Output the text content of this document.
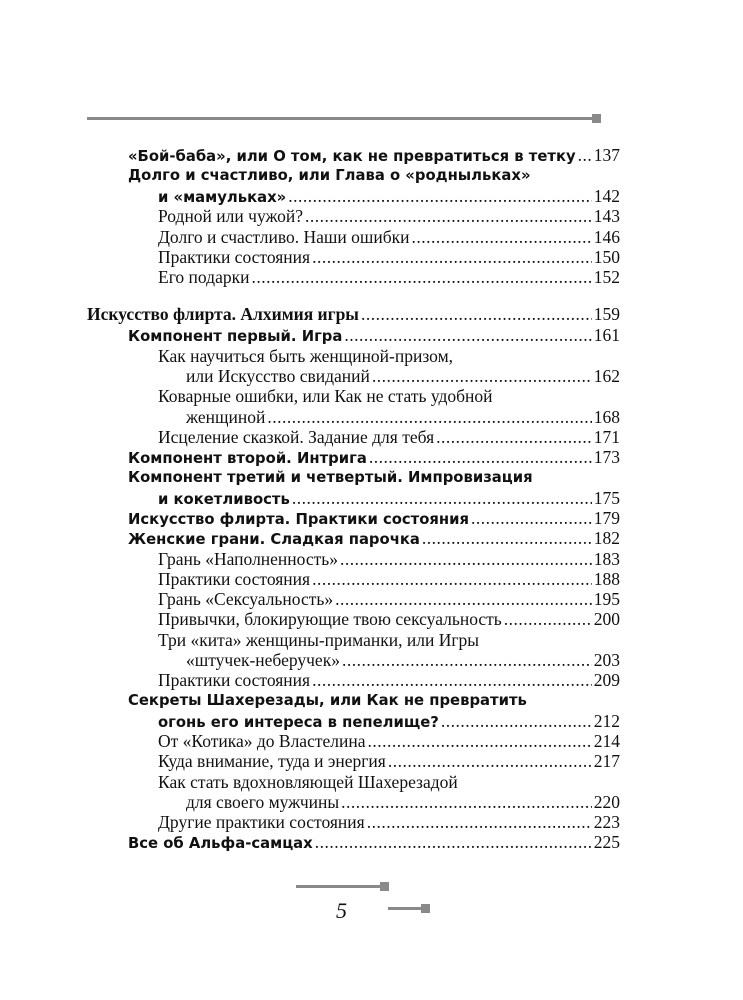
«Бой-баба», или О том, как не превратиться в тетку ..... 137
Долго и счастливо, или Глава о «родныльках»
и «мамульках» .....	142
Родной или чужой? .....	143
Долго и счастливо. Наши ошибки .....	146
Практики состояния .....	150
Его подарки .....	152
Искусство флирта. Алхимия игры .....	159
Компонент первый. Игра .....	161
Как научиться быть женщиной-призом,
или Искусство свиданий .....	162
Коварные ошибки, или Как не стать удобной
женщиной .....	168
Исцеление сказкой. Задание для тебя .....	171
Компонент второй. Интрига .....	173
Компонент третий и четвертый. Импровизация
и кокетливость .....	175
Искусство флирта. Практики состояния .....	179
Женские грани. Сладкая парочка .....	182
Грань «Наполненность» .....	183
Практики состояния .....	188
Грань «Сексуальность» .....	195
Привычки, блокирующие твою сексуальность .....	200
Три «кита» женщины-приманки, или Игры
«штучек-неберучек» .....	203
Практики состояния .....	209
Секреты Шахерезады, или Как не превратить
огонь его интереса в пепелище? .....	212
От «Котика» до Властелина .....	214
Куда внимание, туда и энергия .....	217
Как стать вдохновляющей Шахерезадой
для своего мужчины .....	220
Другие практики состояния .....	223
Все об Альфа-самцах .....	225
5
